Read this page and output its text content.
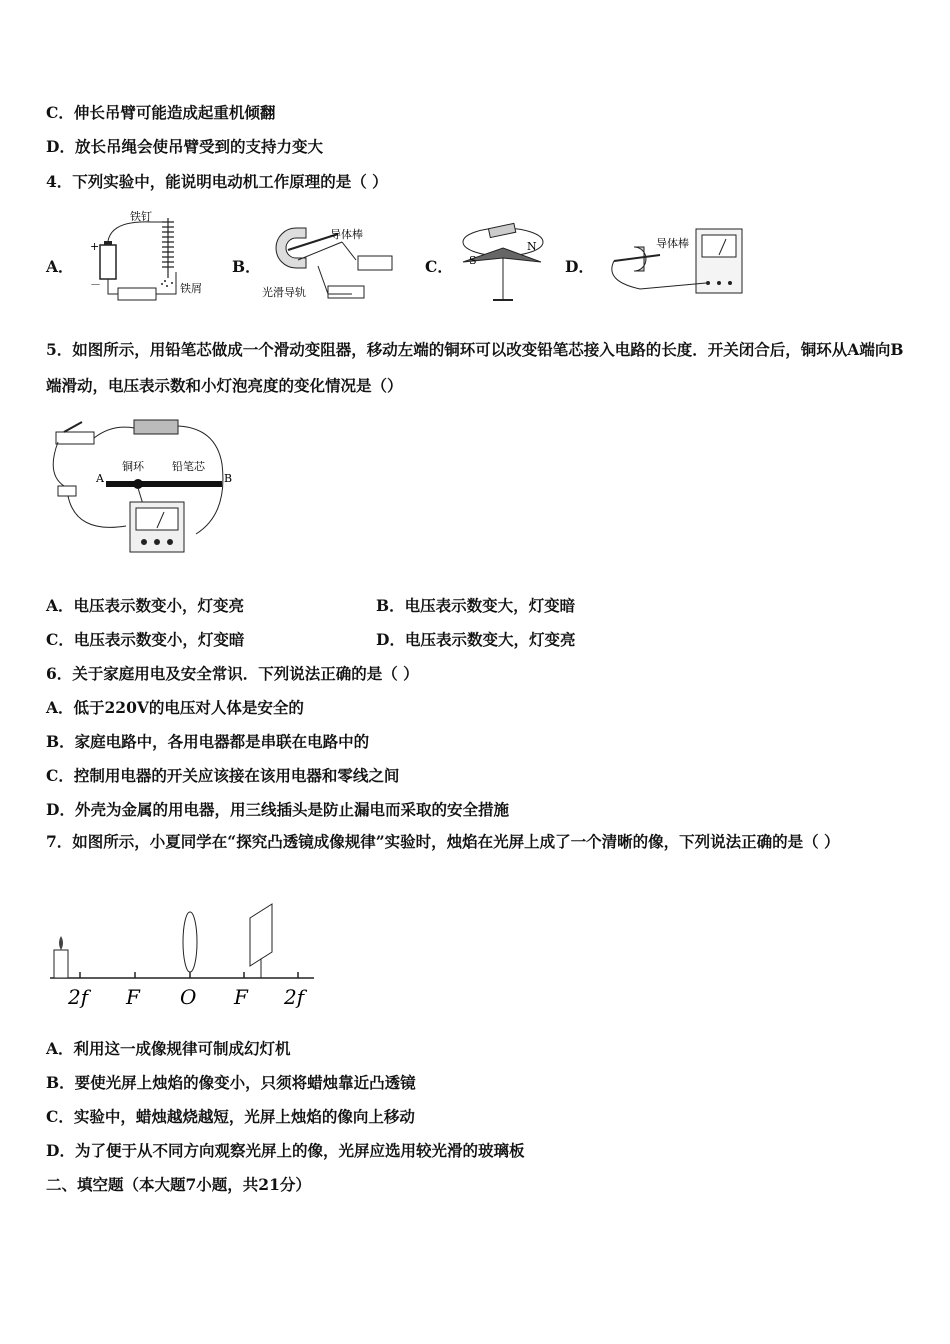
C．伸长吊臂可能造成起重机倾翻
D．放长吊绳会使吊臂受到的支持力变大
4．下列实验中，能说明电动机工作原理的是（ ）
A．
+
－
铁钉
铁屑
B．
导体棒
光滑导轨
C． S
N
D．
导体棒
5．如图所示，用铅笔芯做成一个滑动变阻器，移动左端的铜环可以改变铅笔芯接入电路的长度．开关闭合后，铜环从A端向B端滑动，电压表示数和小灯泡亮度的变化情况是（）
A	B
铜环	铅笔芯
A．电压表示数变小，灯变亮	B．电压表示数变大，灯变暗
C．电压表示数变小，灯变暗	D．电压表示数变大，灯变亮
6．关于家庭用电及安全常识．下列说法正确的是（ ）
A．低于220V的电压对人体是安全的
B．家庭电路中，各用电器都是串联在电路中的
C．控制用电器的开关应该接在该用电器和零线之间
D．外壳为金属的用电器，用三线插头是防止漏电而采取的安全措施
7．如图所示，小夏同学在“探究凸透镜成像规律”实验时，烛焰在光屏上成了一个清晰的像，下列说法正确的是（ ）
2f F O F 2f
A．利用这一成像规律可制成幻灯机
B．要使光屏上烛焰的像变小，只须将蜡烛靠近凸透镜
C．实验中，蜡烛越烧越短，光屏上烛焰的像向上移动
D．为了便于从不同方向观察光屏上的像，光屏应选用较光滑的玻璃板
二、填空题（本大题7小题，共21分）
